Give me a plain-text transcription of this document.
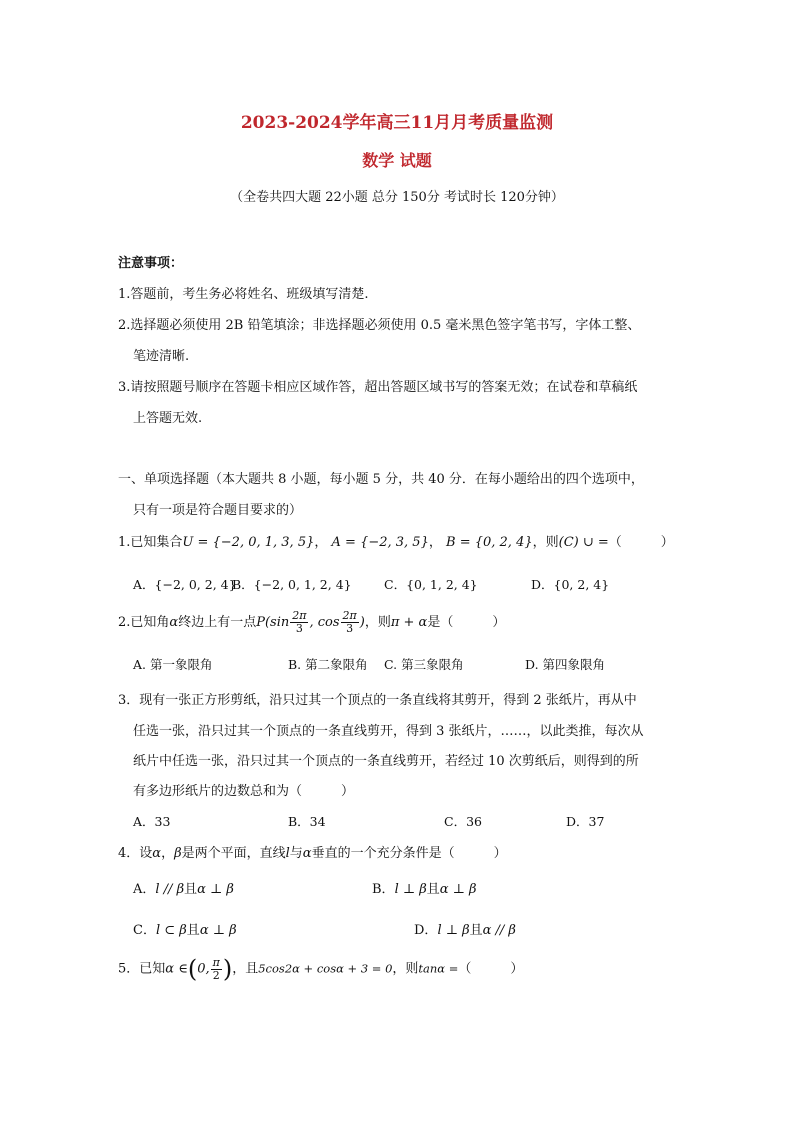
2023-2024学年高三11月月考质量监测
数学 试题
（全卷共四大题 22小题 总分 150分 考试时长 120分钟）
注意事项：
1.答题前，考生务必将姓名、班级填写清楚.
2.选择题必须使用 2B 铅笔填涂；非选择题必须使用 0.5 毫米黑色签字笔书写，字体工整、
笔迹清晰.
3.请按照题号顺序在答题卡相应区域作答，超出答题区域书写的答案无效；在试卷和草稿纸
上答题无效.
一、单项选择题（本大题共 8 小题，每小题 5 分，共 40 分．在每小题给出的四个选项中，
只有一项是符合题目要求的）
1.已知集合U = {−2, 0, 1, 3, 5}， A = {−2, 3, 5}， B = {0, 2, 4}，则(C) ∪ =（　　　）
A．{−2, 0, 2, 4}
B．{−2, 0, 1, 2, 4}	C．{0, 1, 2, 4}	D．{0, 2, 4}
2.已知角α终边上有一点$P(\sin \frac{2\pi}{3}$ , $\cos \frac{2\pi}{3}$ )，则π + α是（　　　）
A. 第一象限角	B. 第二象限角 C. 第三象限角	D. 第四象限角
3．现有一张正方形剪纸，沿只过其一个顶点的一条直线将其剪开，得到 2 张纸片，再从中
任选一张，沿只过其一个顶点的一条直线剪开，得到 3 张纸片，……，以此类推，每次从
纸片中任选一张，沿只过其一个顶点的一条直线剪开，若经过 10 次剪纸后，则得到的所
有多边形纸片的边数总和为（　　　）
A．33	B．34	C．36	D．37
4．设α，β是两个平面，直线l与α垂直的一个充分条件是（　　　）
A．l // β且α ⊥ β	B．l ⊥ β且α ⊥ β
C．l ⊂ β且α ⊥ β	D．l ⊥ β且α // β
5．已知α ∈(0, $\frac{\pi}{2}$ )，且5cos2α + cosα + 3 = 0，则tanα =（　　　）
